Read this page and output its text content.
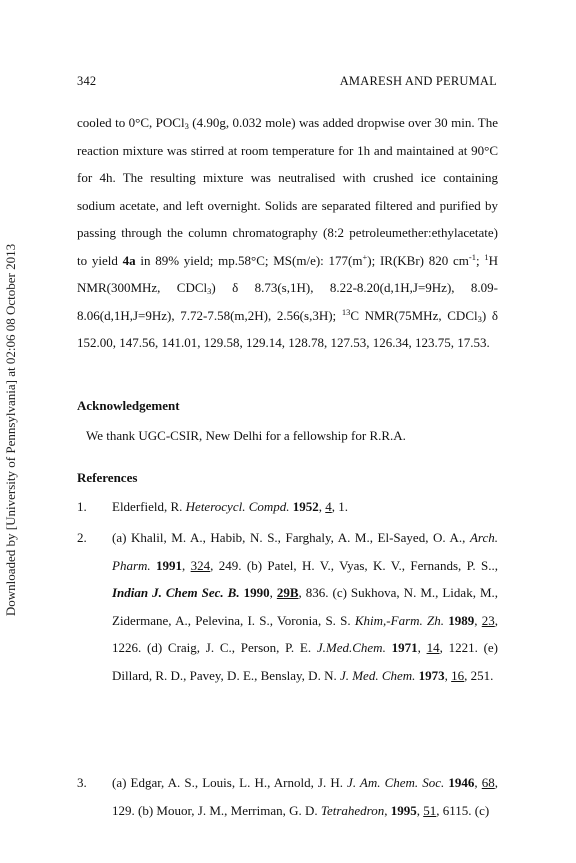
Downloaded by [University of Pennsylvania] at 02:06 08 October 2013
342	AMARESH AND PERUMAL

cooled to 0°C, POCl$_3$ (4.90g, 0.032 mole) was added dropwise over 30 min. The reaction mixture was stirred at room temperature for 1h and maintained at 90°C for 4h. The resulting mixture was neutralised with crushed ice containing sodium acetate, and left overnight. Solids are separated filtered and purified by passing through the column chromatography (8:2 petroleumether:ethylacetate) to yield 4a in 89% yield; mp.58°C; MS(m/e): 177(m+); IR(KBr) 820 $cm^{-1}$; $^1$H NMR(300MHz, CDCl$_3$) δ 8.73(s,1H), 8.22-8.20(d,1H,J=9Hz), 8.09-8.06(d,1H,J=9Hz), 7.72-7.58(m,2H), 2.56(s,3H); $^{13}$C NMR(75MHz, CDCl$_3$) δ 152.00, 147.56, 141.01, 129.58, 129.14, 128.78, 127.53, 126.34, 123.75, 17.53.

Acknowledgement
We thank UGC-CSIR, New Delhi for a fellowship for R.R.A.
References
1. Elderfield, R. Heterocycl. Compd. 1952, 4, 1.
2. (a) Khalil, M. A., Habib, N. S., Farghaly, A. M., El-Sayed, O. A., Arch. Pharm. 1991, 324, 249. (b) Patel, H. V., Vyas, K. V., Fernands, P. S.., Indian J. Chem Sec. B. 1990, 29B, 836. (c) Sukhova, N. M., Lidak, M., Zidermane, A., Pelevina, I. S., Voronia, S. S. Khim,-Farm. Zh. 1989, 23, 1226. (d) Craig, J. C., Person, P. E. J.Med.Chem. 1971, 14, 1221. (e) Dillard, R. D., Pavey, D. E., Benslay, D. N. J. Med. Chem. 1973, 16, 251.
3. (a) Edgar, A. S., Louis, L. H., Arnold, J. H. J. Am. Chem. Soc. 1946, 68, 129. (b) Mouor, J. M., Merriman, G. D. Tetrahedron, 1995, 51, 6115. (c)
